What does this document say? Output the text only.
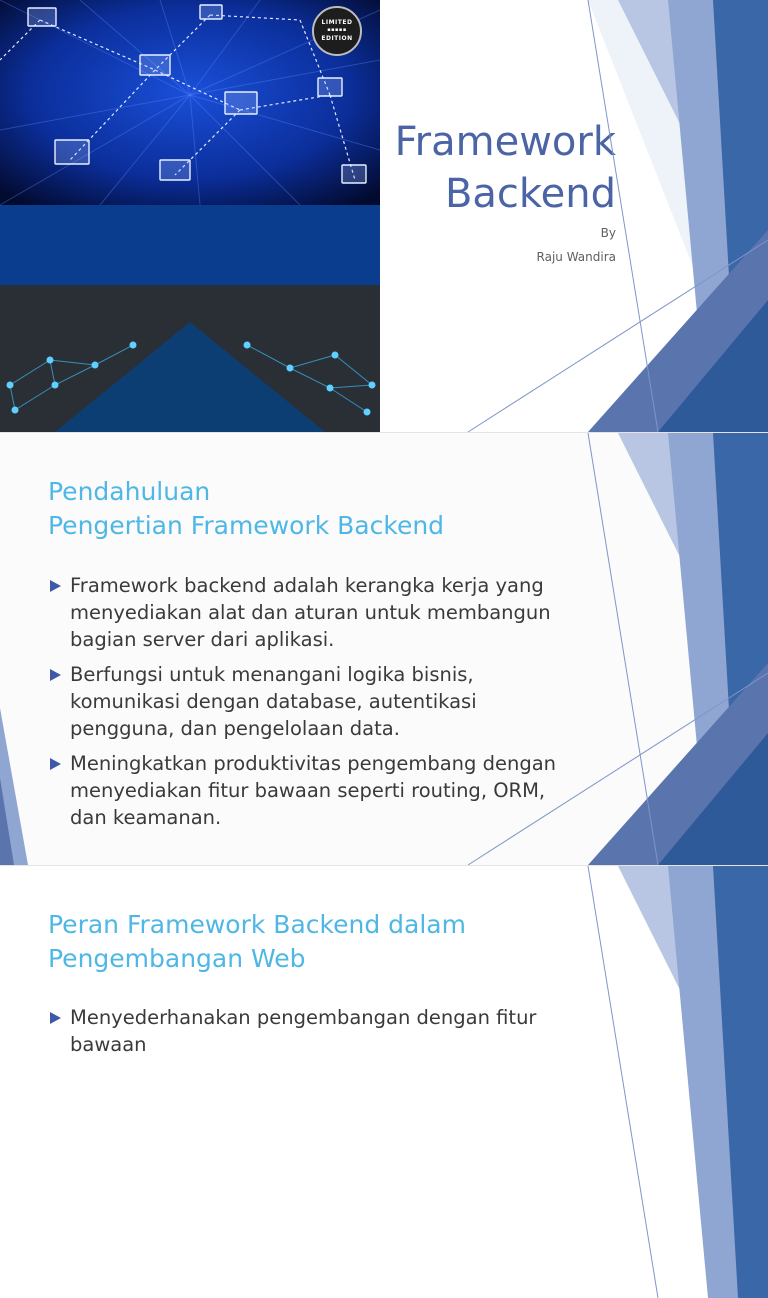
LIMITED
▪▪▪▪▪
EDITION
Framework
Backend
By
Raju Wandira
Pendahuluan
Pengertian Framework Backend
Framework backend adalah kerangka kerja yang menyediakan alat dan aturan untuk membangun bagian server dari aplikasi.
Berfungsi untuk menangani logika bisnis, komunikasi dengan database, autentikasi pengguna, dan pengelolaan data.
Meningkatkan produktivitas pengembang dengan menyediakan fitur bawaan seperti routing, ORM, dan keamanan.
Peran Framework Backend dalam
Pengembangan Web
Menyederhanakan pengembangan dengan fitur bawaan
